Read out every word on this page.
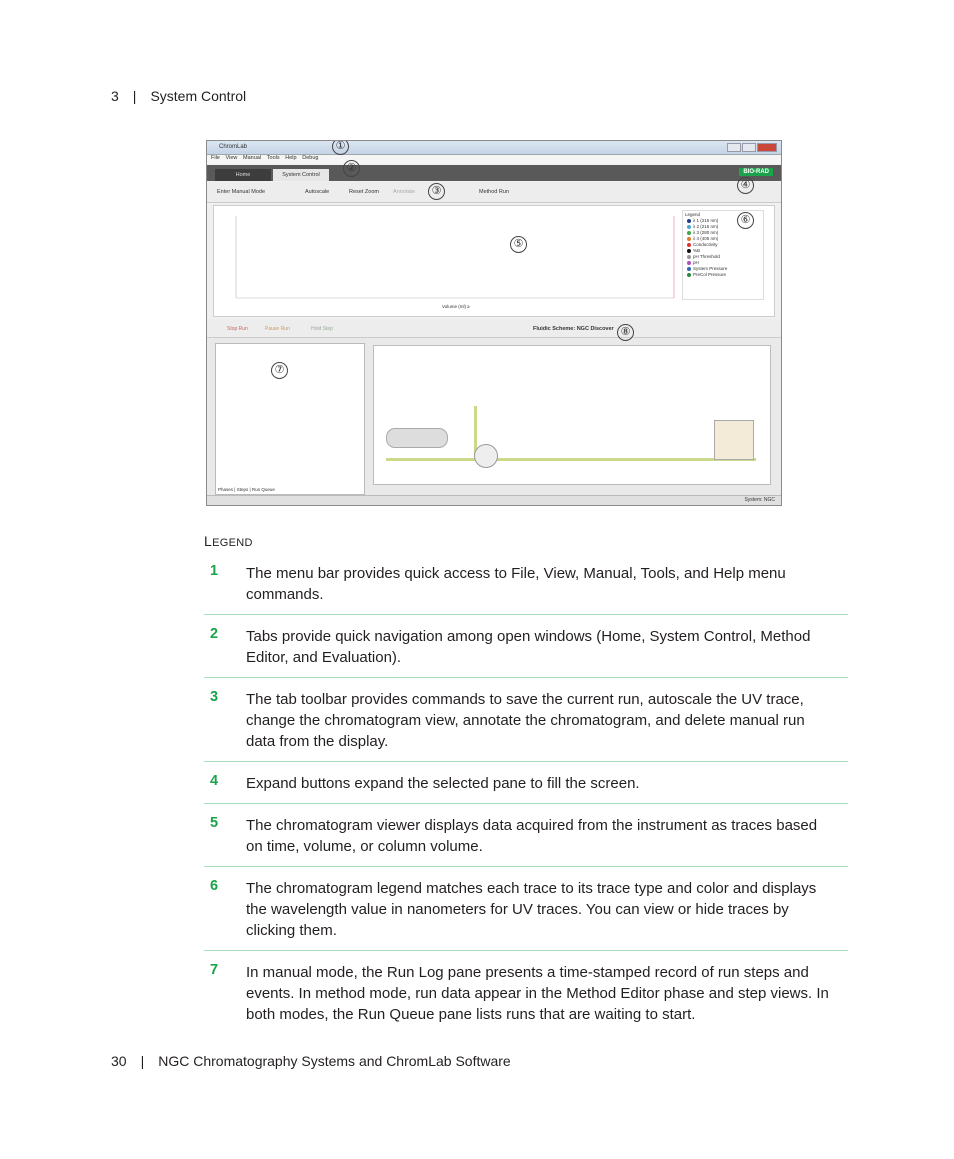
3 | System Control
ChromLab
File View Manual Tools Help Debug
Home	System Control	BIO-RAD
Enter Manual Mode	Autoscale	Reset Zoom	Annotate	Method Run
Volume (ml) ≥
Legend
λ 1 (215 nm)
λ 2 (215 nm)
λ 3 (280 nm)
λ 4 (405 nm)
Conductivity
%B
pH Threshold
pH
System Pressure
PreCol Pressure
Stop Run	Pause Run	Hold Step	Fluidic Scheme: NGC Discover
Phases | Steps | Run Queue
System: NGC
①
②
③	④
⑤
⑥
⑦
⑧
LEGEND
1 The menu bar provides quick access to File, View, Manual, Tools, and Help menu commands.
2 Tabs provide quick navigation among open windows (Home, System Control, Method Editor, and Evaluation).
3 The tab toolbar provides commands to save the current run, autoscale the UV trace, change the chromatogram view, annotate the chromatogram, and delete manual run data from the display.
4 Expand buttons expand the selected pane to fill the screen.
5 The chromatogram viewer displays data acquired from the instrument as traces based on time, volume, or column volume.
6 The chromatogram legend matches each trace to its trace type and color and displays the wavelength value in nanometers for UV traces. You can view or hide traces by clicking them.
7 In manual mode, the Run Log pane presents a time-stamped record of run steps and events. In method mode, run data appear in the Method Editor phase and step views. In both modes, the Run Queue pane lists runs that are waiting to start.
30 | NGC Chromatography Systems and ChromLab Software
